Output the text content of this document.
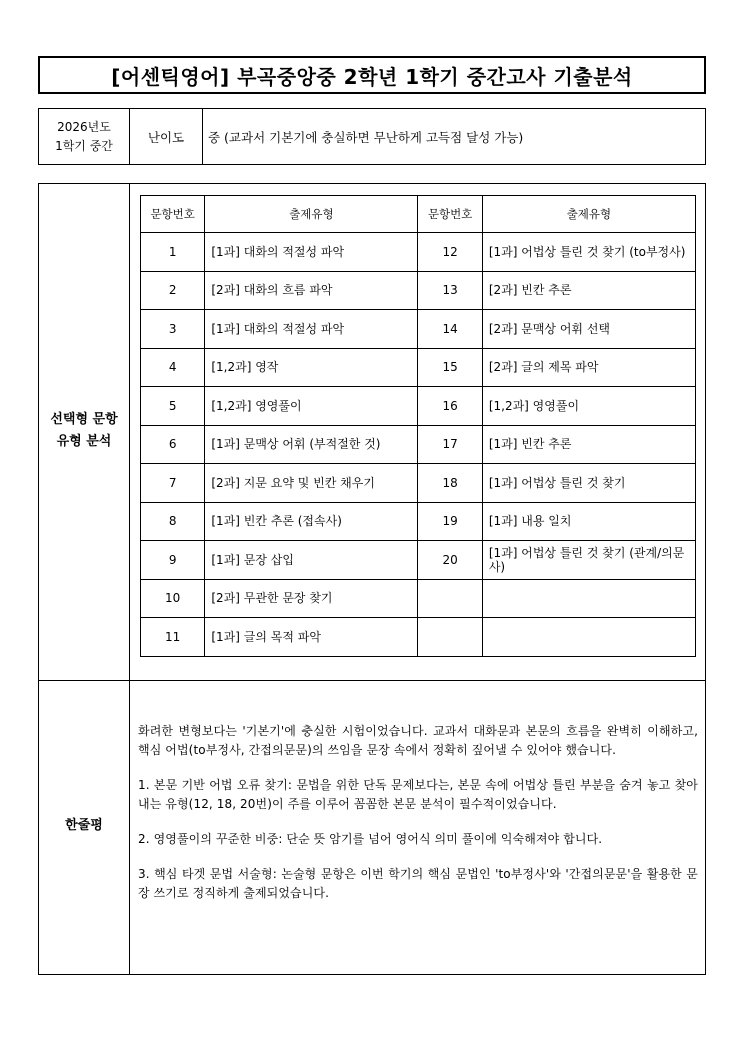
[어센틱영어] 부곡중앙중 2학년 1학기 중간고사 기출분석
2026년도
1학기 중간
난이도 중 (교과서 기본기에 충실하면 무난하게 고득점 달성 가능)
선택형 문항
유형 분석
문항번호	출제유형	문항번호	출제유형
1	[1과] 대화의 적절성 파악	12	[1과] 어법상 틀린 것 찾기 (to부정사)
2	[2과] 대화의 흐름 파악	13	[2과] 빈칸 추론
3	[1과] 대화의 적절성 파악	14	[2과] 문맥상 어휘 선택
4	[1,2과] 영작	15	[2과] 글의 제목 파악
5	[1,2과] 영영풀이	16	[1,2과] 영영풀이
6	[1과] 문맥상 어휘 (부적절한 것)	17	[1과] 빈칸 추론
7	[2과] 지문 요약 및 빈칸 채우기	18	[1과] 어법상 틀린 것 찾기
8	[1과] 빈칸 추론 (접속사)	19	[1과] 내용 일치
9	[1과] 문장 삽입	20	[1과] 어법상 틀린 것 찾기 (관계/의문사)
10	[2과] 무관한 문장 찾기		
11	[1과] 글의 목적 파악		
한줄평

화려한 변형보다는 '기본기'에 충실한 시험이었습니다. 교과서 대화문과 본문의 흐름을 완벽히 이해하고, 핵심 어법(to부정사, 간접의문문)의 쓰임을 문장 속에서 정확히 짚어낼 수 있어야 했습니다.

1. 본문 기반 어법 오류 찾기: 문법을 위한 단독 문제보다는, 본문 속에 어법상 틀린 부분을 숨겨 놓고 찾아내는 유형(12, 18, 20번)이 주를 이루어 꼼꼼한 본문 분석이 필수적이었습니다.

2. 영영풀이의 꾸준한 비중: 단순 뜻 암기를 넘어 영어식 의미 풀이에 익숙해져야 합니다.

3. 핵심 타겟 문법 서술형: 논술형 문항은 이번 학기의 핵심 문법인 'to부정사'와 '간접의문문'을 활용한 문장 쓰기로 정직하게 출제되었습니다.
